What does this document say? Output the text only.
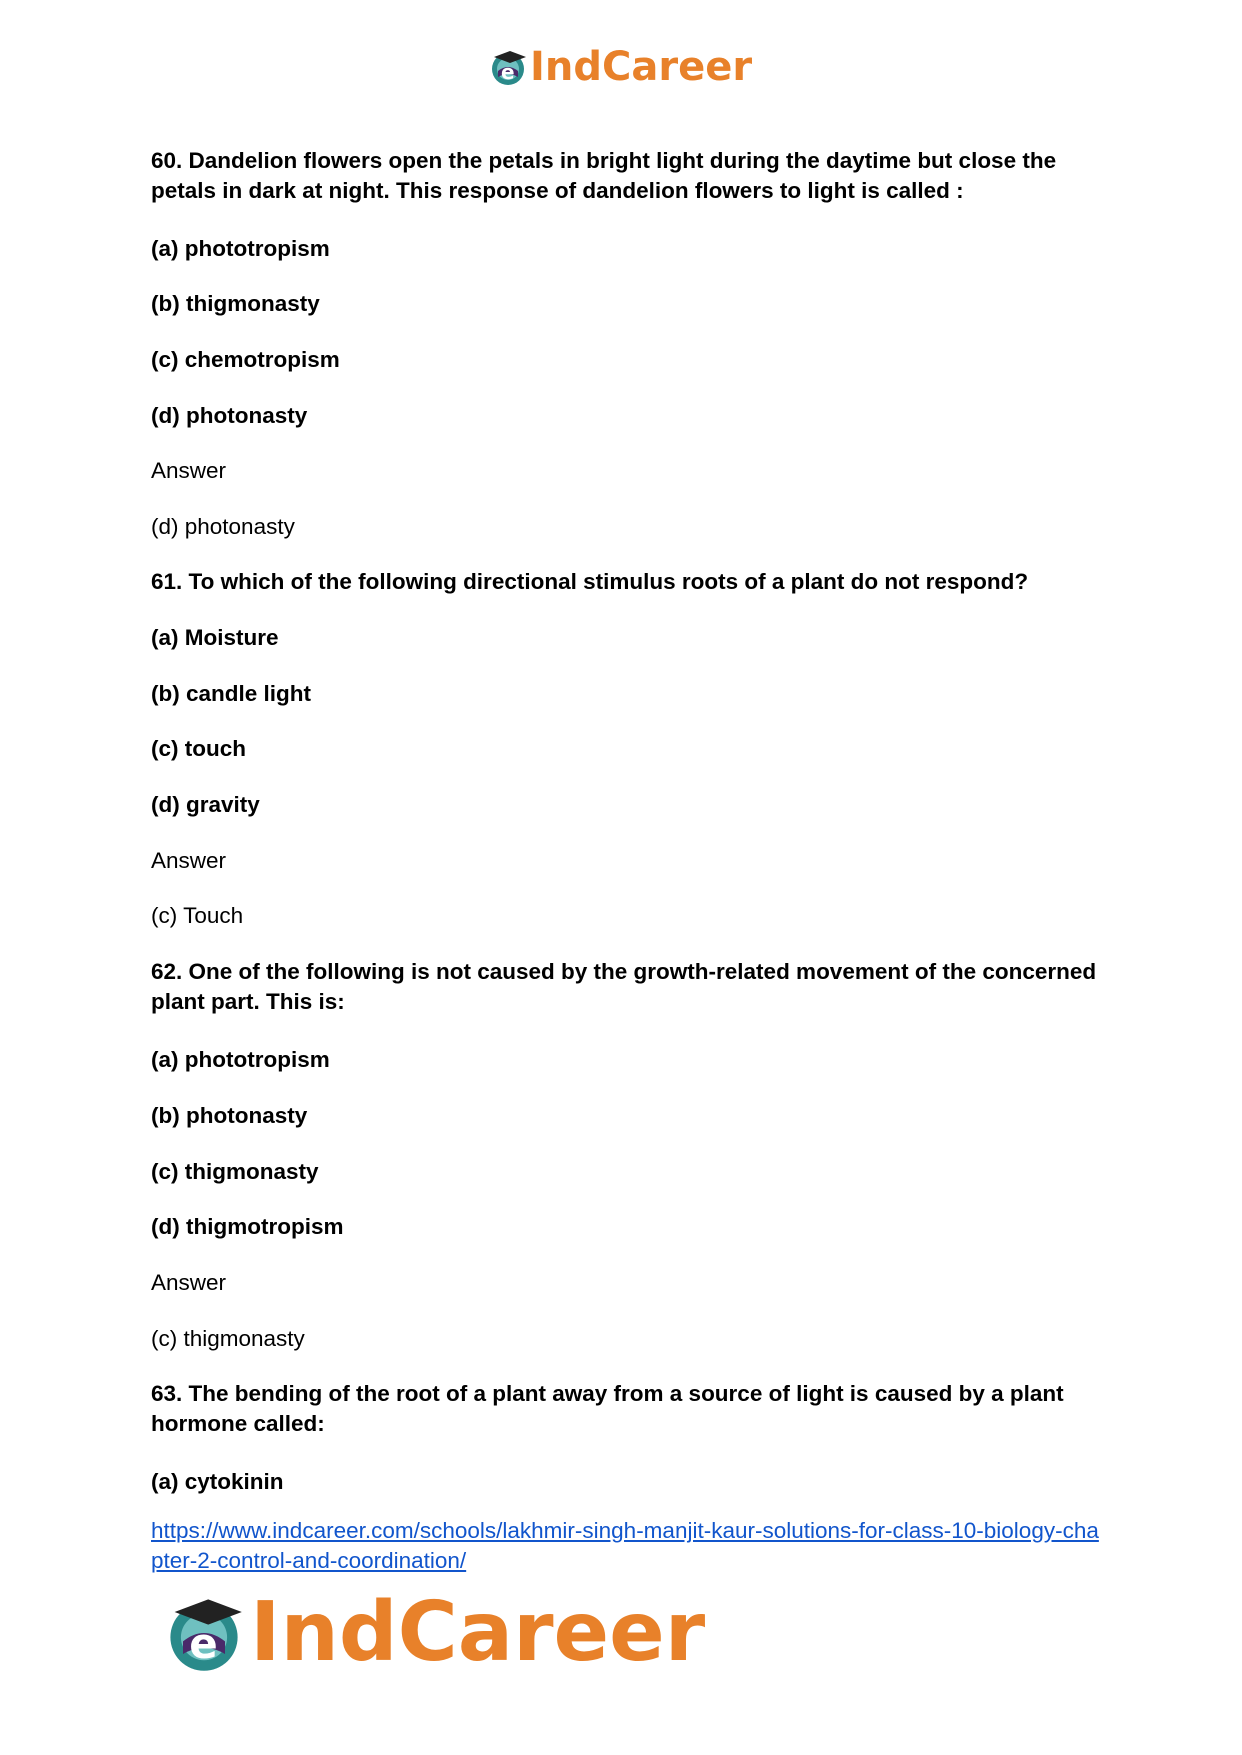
e IndCareer

60. Dandelion flowers open the petals in bright light during the daytime but close the petals in dark at night. This response of dandelion flowers to light is called :

(a) phototropism
(b) thigmonasty
(c) chemotropism
(d) photonasty
Answer
(d) photonasty
61. To which of the following directional stimulus roots of a plant do not respond?
(a) Moisture
(b) candle light
(c) touch
(d) gravity
Answer
(c) Touch

62. One of the following is not caused by the growth-related movement of the concerned plant part. This is:

(a) phototropism
(b) photonasty
(c) thigmonasty
(d) thigmotropism
Answer
(c) thigmonasty

63. The bending of the root of a plant away from a source of light is caused by a plant hormone called:

(a) cytokinin
https://www.indcareer.com/schools/lakhmir-singh-manjit-kaur-solutions-for-class-10-biology-chapter-2-control-and-coordination/
e IndCareer
